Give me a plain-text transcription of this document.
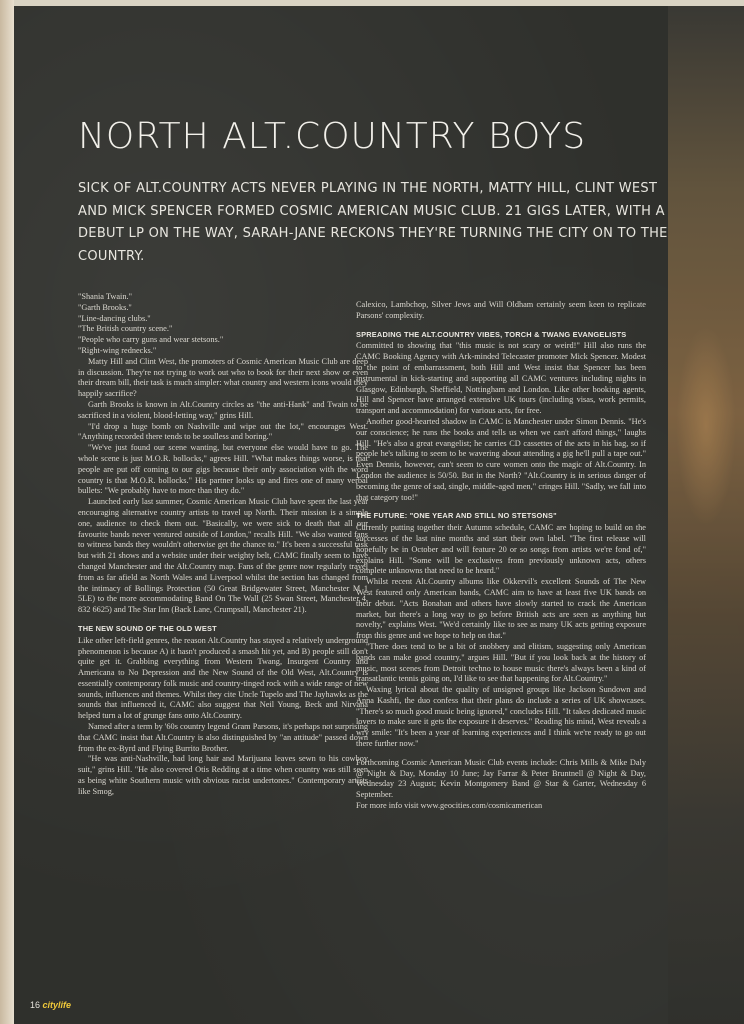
NORTH ALT.COUNTRY BOYS

SICK OF ALT.COUNTRY ACTS NEVER PLAYING IN THE NORTH, MATTY HILL, CLINT WEST AND MICK SPENCER FORMED COSMIC AMERICAN MUSIC CLUB. 21 GIGS LATER, WITH A DEBUT LP ON THE WAY, SARAH-JANE RECKONS THEY'RE TURNING THE CITY ON TO THE COUNTRY.

"Shania Twain."

"Garth Brooks."

"Line-dancing clubs."

"The British country scene."

"People who carry guns and wear stetsons."

"Right-wing rednecks."

Matty Hill and Clint West, the promoters of Cosmic American Music Club are deep in discussion. They're not trying to work out who to book for their next show or even their dream bill, their task is much simpler: what country and western icons would they happily sacrifice?

Garth Brooks is known in Alt.Country circles as "the anti-Hank" and Twain to be sacrificed in a violent, blood-letting way," grins Hill.

"I'd drop a huge bomb on Nashville and wipe out the lot," encourages West. "Anything recorded there tends to be soulless and boring."

"We've just found our scene wanting, but everyone else would have to go. The whole scene is just M.O.R. bollocks," agrees Hill. "What makes things worse, is that people are put off coming to our gigs because their only association with the word country is that M.O.R. bollocks." His partner looks up and fires one of many verbal bullets: "We probably have to more than they do."

Launched early last summer, Cosmic American Music Club have spent the last year encouraging alternative country artists to travel up North. Their mission is a simple one, audience to check them out. "Basically, we were sick to death that all our favourite bands never ventured outside of London," recalls Hill. "We also wanted fans to witness bands they wouldn't otherwise get the chance to." It's been a successful task but with 21 shows and a website under their weighty belt, CAMC finally seem to have changed Manchester and the Alt.Country map. Fans of the genre now regularly travel from as far afield as North Wales and Liverpool whilst the section has changed from the intimacy of Bollings Protection (50 Great Bridgewater Street, Manchester M 1 5LE) to the more accommodating Band On The Wall (25 Swan Street, Manchester 4, 832 6625) and The Star Inn (Back Lane, Crumpsall, Manchester 21).

THE NEW SOUND OF THE OLD WEST

Like other left-field genres, the reason Alt.Country has stayed a relatively underground phenomenon is because A) it hasn't produced a smash hit yet, and B) people still don't quite get it. Grabbing everything from Western Twang, Insurgent Country and Americana to No Depression and the New Sound of the Old West, Alt.Country is essentially contemporary folk music and country-tinged rock with a wide range of new sounds, influences and themes. Whilst they cite Uncle Tupelo and The Jayhawks as the sounds that influenced it, CAMC also suggest that Neil Young, Beck and Nirvana helped turn a lot of grunge fans onto Alt.Country.

Named after a term by '60s country legend Gram Parsons, it's perhaps not surprising that CAMC insist that Alt.Country is also distinguished by "an attitude" passed down from the ex-Byrd and Flying Burrito Brother.

"He was anti-Nashville, had long hair and Marijuana leaves sewn to his cowboy suit," grins Hill. "He also covered Otis Redding at a time when country was still seen as being white Southern music with obvious racist undertones." Contemporary artists like Smog,

Calexico, Lambchop, Silver Jews and Will Oldham certainly seem keen to replicate Parsons' complexity.

SPREADING THE ALT.COUNTRY VIBES, TORCH & TWANG EVANGELISTS

Committed to showing that "this music is not scary or weird!" Hill also runs the CAMC Booking Agency with Ark-minded Telecaster promoter Mick Spencer. Modest to the point of embarrassment, both Hill and West insist that Spencer has been instrumental in kick-starting and supporting all CAMC ventures including nights in Glasgow, Edinburgh, Sheffield, Nottingham and London. Like other booking agents, Hill and Spencer have arranged extensive UK tours (including visas, work permits, transport and accommodation) for various acts, for free.

Another good-hearted shadow in CAMC is Manchester under Simon Dennis. "He's our conscience; he runs the books and tells us when we can't afford things," laughs Hill. "He's also a great evangelist; he carries CD cassettes of the acts in his bag, so if people he's talking to seem to be wavering about attending a gig he'll pull a tape out." Even Dennis, however, can't seem to cure women onto the magic of Alt.Country. In London the audience is 50/50. But in the North? "Alt.Country is in serious danger of becoming the genre of sad, single, middle-aged men," cringes Hill. "Sadly, we fall into that category too!"

THE FUTURE: "ONE YEAR AND STILL NO STETSONS"

Currently putting together their Autumn schedule, CAMC are hoping to build on the successes of the last nine months and start their own label. "The first release will hopefully be in October and will feature 20 or so songs from artists we're fond of," explains Hill. "Some will be exclusives from previously unknown acts, others complete unknowns that need to be heard."

Whilst recent Alt.Country albums like Okkervil's excellent Sounds of The New West featured only American bands, CAMC aim to have at least five UK bands on their debut. "Acts Bonahan and others have slowly started to crack the American market, but there's a long way to go before British acts are seen as anything but novelty," explains West. "We'd certainly like to see as many UK acts getting exposure from this genre and we hope to help on that."

"There does tend to be a bit of snobbery and elitism, suggesting only American bands can make good country," argues Hill. "But if you look back at the history of music, most scenes from Detroit techno to house music there's always been a kind of transatlantic tennis going on, I'd like to see that happening for Alt.Country."

Waxing lyrical about the quality of unsigned groups like Jackson Sundown and Anna Kashfi, the duo confess that their plans do include a series of UK showcases. "There's so much good music being ignored," concludes Hill. "It takes dedicated music lovers to make sure it gets the exposure it deserves." Reading his mind, West reveals a wry smile: "It's been a year of learning experiences and I think we're ready to go out there further now."

Forthcoming Cosmic American Music Club events include: Chris Mills & Mike Daly @ Night & Day, Monday 10 June; Jay Farrar & Peter Bruntnell @ Night & Day, Wednesday 23 August; Kevin Montgomery Band @ Star & Garter, Wednesday 6 September.

For more info visit www.geocities.com/cosmicamerican

16 citylife
